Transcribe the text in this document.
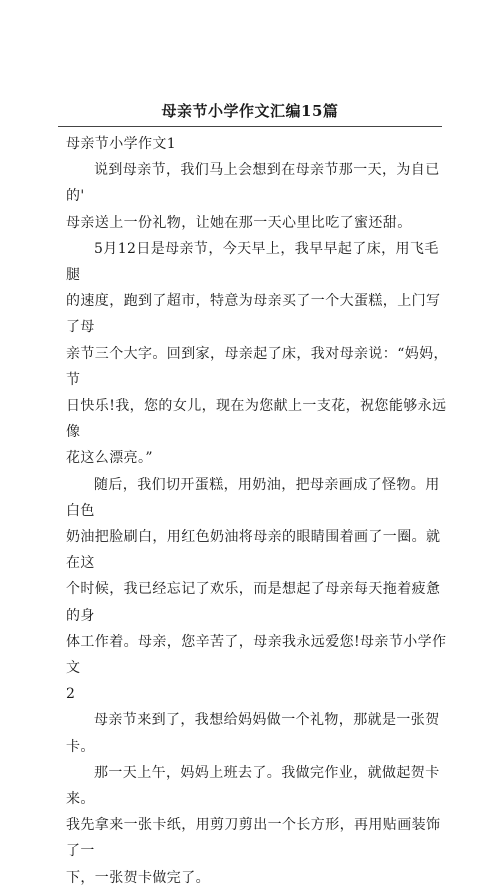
母亲节小学作文汇编15篇

母亲节小学作文1

说到母亲节，我们马上会想到在母亲节那一天，为自已的'

母亲送上一份礼物，让她在那一天心里比吃了蜜还甜。

5月12日是母亲节，今天早上，我早早起了床，用飞毛腿

的速度，跑到了超市，特意为母亲买了一个大蛋糕，上门写了母

亲节三个大字。回到家，母亲起了床，我对母亲说：“妈妈，节

日快乐!我，您的女儿，现在为您献上一支花，祝您能够永远像

花这么漂亮。”

随后，我们切开蛋糕，用奶油，把母亲画成了怪物。用白色

奶油把脸刷白，用红色奶油将母亲的眼睛围着画了一圈。就在这

个时候，我已经忘记了欢乐，而是想起了母亲每天拖着疲惫的身

体工作着。母亲，您辛苦了，母亲我永远爱您!母亲节小学作文

2

母亲节来到了，我想给妈妈做一个礼物，那就是一张贺卡。

那一天上午，妈妈上班去了。我做完作业，就做起贺卡来。

我先拿来一张卡纸，用剪刀剪出一个长方形，再用贴画装饰了一

下，一张贺卡做完了。
